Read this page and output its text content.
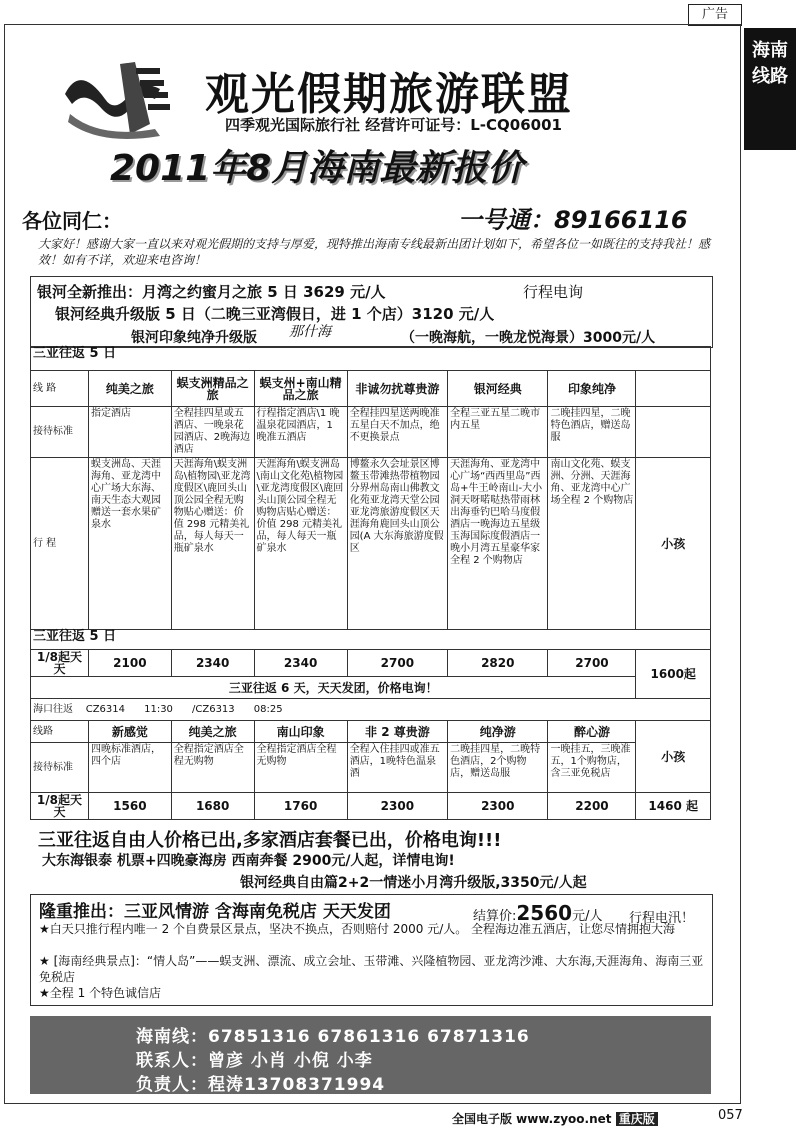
广告
海南线路
观光假期旅游联盟
四季观光国际旅行社 经营许可证号：L-CQ06001
2011年8月海南最新报价
各位同仁：	一号通：89166116
大家好！感谢大家一直以来对观光假期的支持与厚爱，现特推出海南专线最新出团计划如下，希望各位一如既往的支持我社！感效！如有不详，欢迎来电咨询！
银河全新推出：月湾之约蜜月之旅 5 日 3629 元/人	行程电询
银河经典升级版 5 日（二晚三亚湾假日，进 1 个店）3120 元/人
银河印象纯净升级版 那什海	（一晚海航，一晚龙悦海景）3000元/人
三亚往返 5 日							
线 路	纯美之旅	蜈支洲精品之旅	蜈支州+南山精品之旅	非诚勿扰尊贵游	银河经典	印象纯净	
接待标准	指定酒店	全程挂四星或五酒店、一晚泉花园酒店、2晚海边酒店	行程指定酒店\1 晚温泉花园酒店，1 晚准五酒店	全程挂四星送两晚准五星白天不加点，绝不更换景点	全程三亚五星二晚市内五星	二晚挂四星，二晚特色酒店，赠送岛服	
行 程	蜈支洲岛、天涯海角、亚龙湾中心广场大东海、南天生态大观园赠送一套水果矿泉水	天涯海角\蜈支洲岛\植物园\亚龙湾度假区\鹿回头山顶公园全程无购物贴心赠送：价值 298 元精美礼品，每人每天一瓶矿泉水	天涯海角\蜈支洲岛\南山文化苑\植物园\亚龙湾度假区\鹿回头山顶公园全程无购物店贴心赠送：价值 298 元精美礼品，每人每天一瓶矿泉水	博鳌永久会址景区博鳌玉带滩热带植物园分界州岛南山佛教文化苑亚龙湾天堂公园亚龙湾旅游度假区天涯海角鹿回头山顶公园(A 大东海旅游度假区	天涯海角、亚龙湾中心广场“西西里岛”西岛+牛王岭南山-大小洞天呀喏哒热带雨林出海垂钓巴哈马度假酒店一晚海边五星级玉海国际度假酒店一晚小月湾五星豪华家全程 2 个购物店	南山文化苑、蜈支洲、分洲、天涯海角、亚龙湾中心广场全程 2 个购物店	小孩
三亚往返 5 日							
1/8起天天	2100	2340	2340	2700	2820	2700	1600起
三亚往返 6 天，天天发团，价格电询！							
海口往返 CZ6314 11:30 /CZ6313 08:25							
线路	新感觉	纯美之旅	南山印象	非 2 尊贵游	纯净游	醉心游	小孩
接待标准	四晚标准酒店，四个店	全程指定酒店全程无购物	全程指定酒店全程无购物	全程入住挂四或准五酒店，1晚特色温泉酒	二晚挂四星，二晚特色酒店，2个购物店，赠送岛服	一晚挂五，三晚准五，1个购物店，含三亚免税店	
1/8起天天	1560	1680	1760	2300	2300	2200	1460 起
三亚往返自由人价格已出,多家酒店套餐已出，价格电询!!!
大东海银泰 机票+四晚豪海房 西南奔餐 2900元/人起，详情电询!
银河经典自由篇2+2一情迷小月湾升级版,3350元/人起
隆重推出：三亚风情游 含海南免税店 天天发团	结算价:2560元/人 行程电汛！
★白天只推行程内唯一 2 个自费景区景点，坚决不换点，否则赔付 2000 元/人。 全程海边准五酒店，让您尽情拥抱大海
★ [海南经典景点]：“情人岛”——蜈支洲、漂流、成立会址、玉带滩、兴隆植物园、亚龙湾沙滩、大东海,天涯海角、海南三亚免税店
★全程 1 个特色诚信店
海南线：67851316 67861316 67871316
联系人：曾彦 小肖 小倪 小李
负责人：程涛13708371994
全国电子版 www.zyoo.net 重庆版	057
